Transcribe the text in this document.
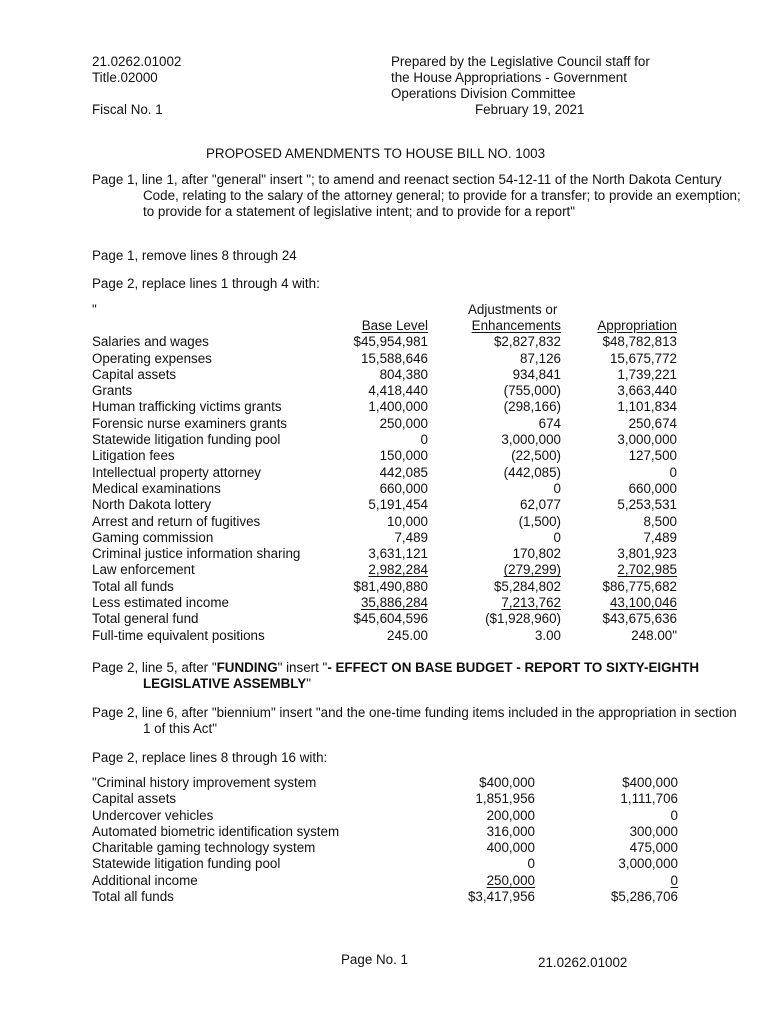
21.0262.01002
Title.02000
Fiscal No. 1
Prepared by the Legislative Council staff for
the House Appropriations - Government
Operations Division Committee
February 19, 2021
PROPOSED AMENDMENTS TO HOUSE BILL NO. 1003
Page 1, line 1, after "general" insert "; to amend and reenact section 54-12-11 of the North Dakota Century Code, relating to the salary of the attorney general; to provide for a transfer; to provide an exemption; to provide for a statement of legislative intent; and to provide for a report"
Page 1, remove lines 8 through 24
Page 2, replace lines 1 through 4 with:
"	Adjustments or
	Base Level	Enhancements	Appropriation
Salaries and wages	$45,954,981	$2,827,832	$48,782,813
Operating expenses	15,588,646	87,126	15,675,772
Capital assets	804,380	934,841	1,739,221
Grants	4,418,440	(755,000)	3,663,440
Human trafficking victims grants	1,400,000	(298,166)	1,101,834
Forensic nurse examiners grants	250,000	674	250,674
Statewide litigation funding pool	0	3,000,000	3,000,000
Litigation fees	150,000	(22,500)	127,500
Intellectual property attorney	442,085	(442,085)	0
Medical examinations	660,000	0	660,000
North Dakota lottery	5,191,454	62,077	5,253,531
Arrest and return of fugitives	10,000	(1,500)	8,500
Gaming commission	7,489	0	7,489
Criminal justice information sharing	3,631,121	170,802	3,801,923
Law enforcement	2,982,284	(279,299)	2,702,985
Total all funds	$81,490,880	$5,284,802	$86,775,682
Less estimated income	35,886,284	7,213,762	43,100,046
Total general fund	$45,604,596	($1,928,960)	$43,675,636
Full-time equivalent positions	245.00	3.00	248.00"
Page 2, line 5, after "FUNDING" insert "- EFFECT ON BASE BUDGET - REPORT TO SIXTY-EIGHTH LEGISLATIVE ASSEMBLY"
Page 2, line 6, after "biennium" insert "and the one-time funding items included in the appropriation in section 1 of this Act"
Page 2, replace lines 8 through 16 with:
"Criminal history improvement system	$400,000	$400,000
Capital assets	1,851,956	1,111,706
Undercover vehicles	200,000	0
Automated biometric identification system	316,000	300,000
Charitable gaming technology system	400,000	475,000
Statewide litigation funding pool	0	3,000,000
Additional income	250,000	0
Total all funds	$3,417,956	$5,286,706
Page No. 1	21.0262.01002
